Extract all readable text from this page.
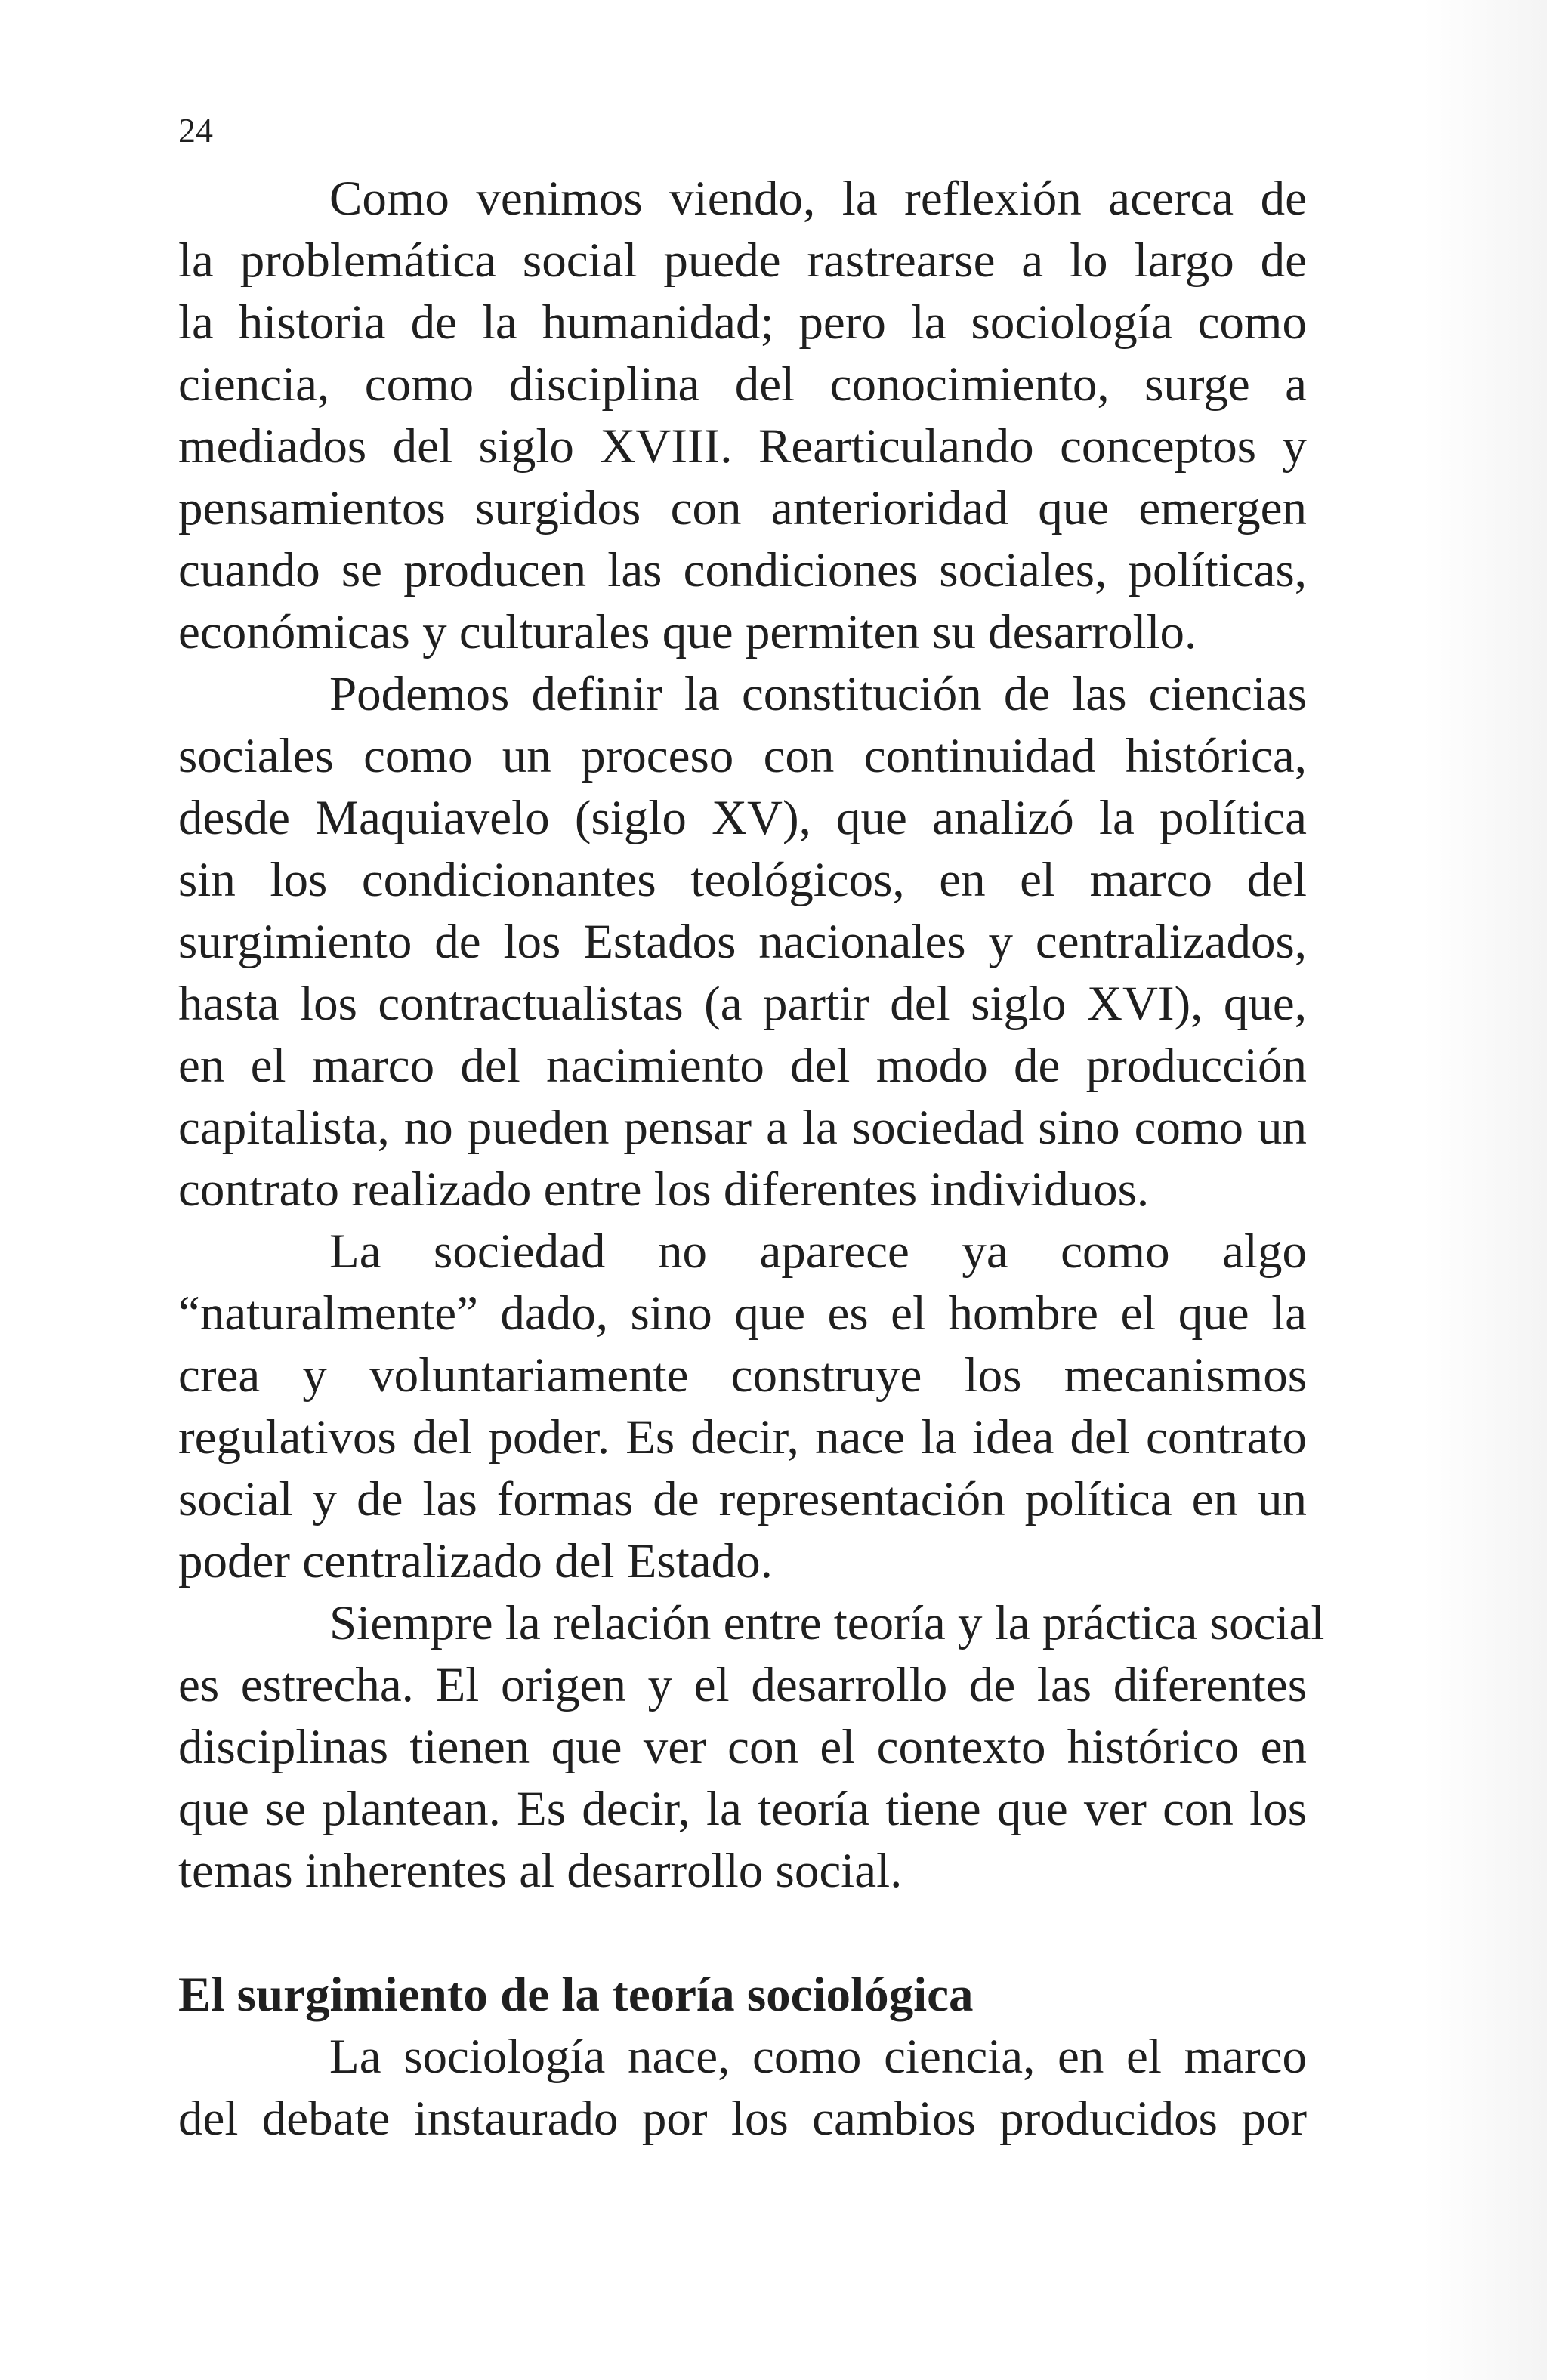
24
Como venimos viendo, la reflexión acerca de
la problemática social puede rastrearse a lo largo de
la historia de la humanidad; pero la sociología como
ciencia, como disciplina del conocimiento, surge a
mediados del siglo XVIII. Rearticulando conceptos y
pensamientos surgidos con anterioridad que emergen
cuando se producen las condiciones sociales, políticas,
económicas y culturales que permiten su desarrollo.
Podemos definir la constitución de las ciencias
sociales como un proceso con continuidad histórica,
desde Maquiavelo (siglo XV), que analizó la política
sin los condicionantes teológicos, en el marco del
surgimiento de los Estados nacionales y centralizados,
hasta los contractualistas (a partir del siglo XVI), que,
en el marco del nacimiento del modo de producción
capitalista, no pueden pensar a la sociedad sino como un
contrato realizado entre los diferentes individuos.
La sociedad no aparece ya como algo
“naturalmente” dado, sino que es el hombre el que la
crea y voluntariamente construye los mecanismos
regulativos del poder. Es decir, nace la idea del contrato
social y de las formas de representación política en un
poder centralizado del Estado.
Siempre la relación entre teoría y la práctica social
es estrecha. El origen y el desarrollo de las diferentes
disciplinas tienen que ver con el contexto histórico en
que se plantean. Es decir, la teoría tiene que ver con los
temas inherentes al desarrollo social.
El surgimiento de la teoría sociológica
La sociología nace, como ciencia, en el marco
del debate instaurado por los cambios producidos por
